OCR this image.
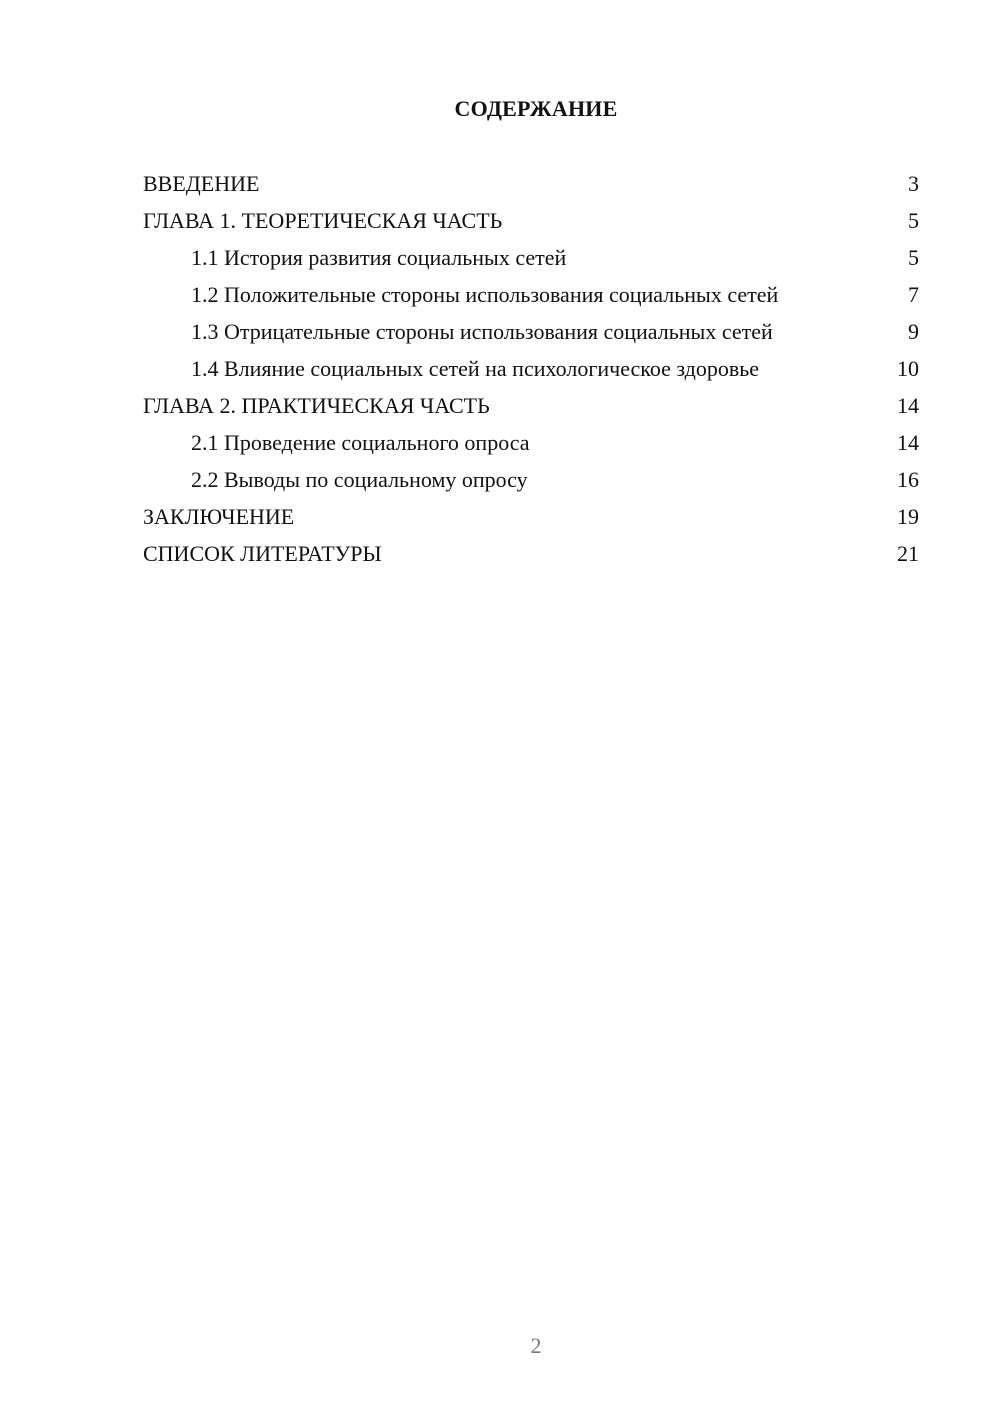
СОДЕРЖАНИЕ
ВВЕДЕНИЕ	3
ГЛАВА 1. ТЕОРЕТИЧЕСКАЯ ЧАСТЬ	5
1.1 История развития социальных сетей	5
1.2 Положительные стороны использования социальных сетей	7
1.3 Отрицательные стороны использования социальных сетей	9
1.4 Влияние социальных сетей на психологическое здоровье	10
ГЛАВА 2. ПРАКТИЧЕСКАЯ ЧАСТЬ	14
2.1 Проведение социального опроса	14
2.2 Выводы по социальному опросу	16
ЗАКЛЮЧЕНИЕ	19
СПИСОК ЛИТЕРАТУРЫ	21
2
